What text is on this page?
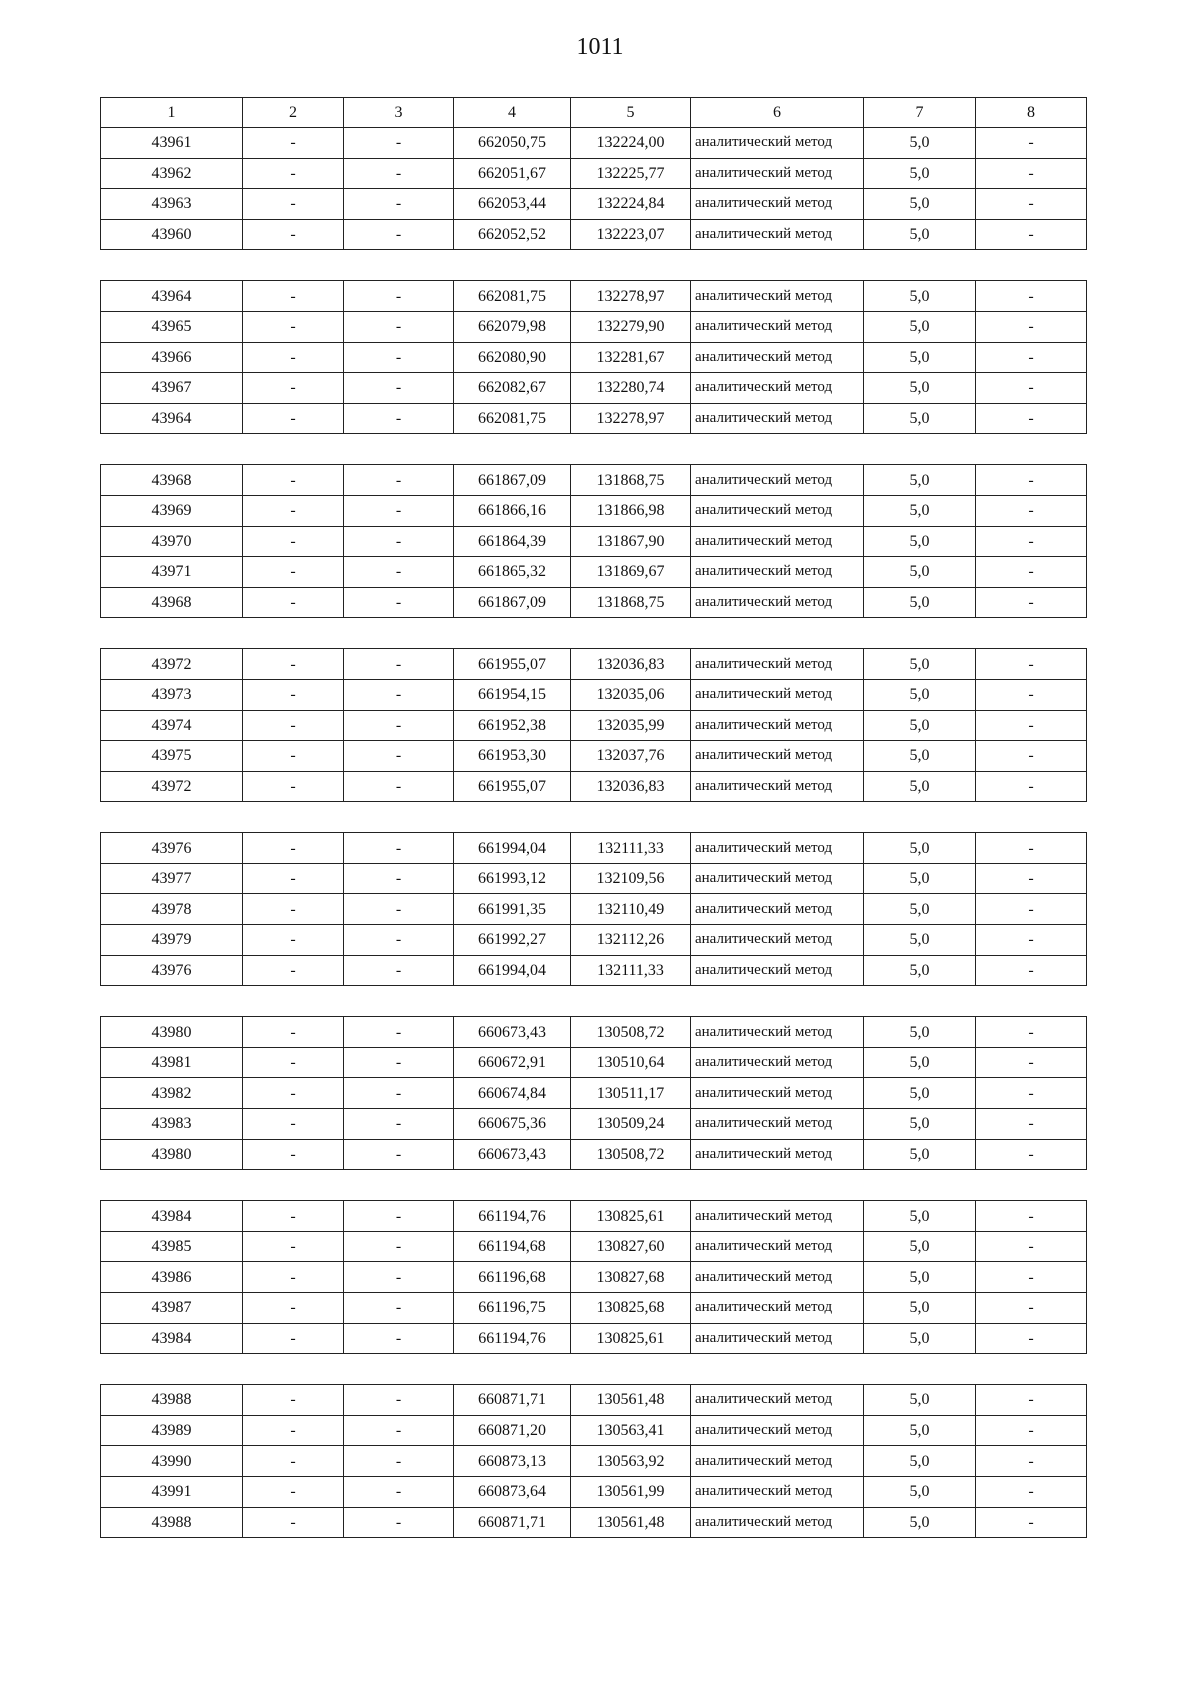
1011
1	2	3	4	5	6	7	8
43961	-	-	662050,75	132224,00	аналитический метод	5,0	-
43962	-	-	662051,67	132225,77	аналитический метод	5,0	-
43963	-	-	662053,44	132224,84	аналитический метод	5,0	-
43960	-	-	662052,52	132223,07	аналитический метод	5,0	-
43964	-	-	662081,75	132278,97	аналитический метод	5,0	-
43965	-	-	662079,98	132279,90	аналитический метод	5,0	-
43966	-	-	662080,90	132281,67	аналитический метод	5,0	-
43967	-	-	662082,67	132280,74	аналитический метод	5,0	-
43964	-	-	662081,75	132278,97	аналитический метод	5,0	-
43968	-	-	661867,09	131868,75	аналитический метод	5,0	-
43969	-	-	661866,16	131866,98	аналитический метод	5,0	-
43970	-	-	661864,39	131867,90	аналитический метод	5,0	-
43971	-	-	661865,32	131869,67	аналитический метод	5,0	-
43968	-	-	661867,09	131868,75	аналитический метод	5,0	-
43972	-	-	661955,07	132036,83	аналитический метод	5,0	-
43973	-	-	661954,15	132035,06	аналитический метод	5,0	-
43974	-	-	661952,38	132035,99	аналитический метод	5,0	-
43975	-	-	661953,30	132037,76	аналитический метод	5,0	-
43972	-	-	661955,07	132036,83	аналитический метод	5,0	-
43976	-	-	661994,04	132111,33	аналитический метод	5,0	-
43977	-	-	661993,12	132109,56	аналитический метод	5,0	-
43978	-	-	661991,35	132110,49	аналитический метод	5,0	-
43979	-	-	661992,27	132112,26	аналитический метод	5,0	-
43976	-	-	661994,04	132111,33	аналитический метод	5,0	-
43980	-	-	660673,43	130508,72	аналитический метод	5,0	-
43981	-	-	660672,91	130510,64	аналитический метод	5,0	-
43982	-	-	660674,84	130511,17	аналитический метод	5,0	-
43983	-	-	660675,36	130509,24	аналитический метод	5,0	-
43980	-	-	660673,43	130508,72	аналитический метод	5,0	-
43984	-	-	661194,76	130825,61	аналитический метод	5,0	-
43985	-	-	661194,68	130827,60	аналитический метод	5,0	-
43986	-	-	661196,68	130827,68	аналитический метод	5,0	-
43987	-	-	661196,75	130825,68	аналитический метод	5,0	-
43984	-	-	661194,76	130825,61	аналитический метод	5,0	-
43988	-	-	660871,71	130561,48	аналитический метод	5,0	-
43989	-	-	660871,20	130563,41	аналитический метод	5,0	-
43990	-	-	660873,13	130563,92	аналитический метод	5,0	-
43991	-	-	660873,64	130561,99	аналитический метод	5,0	-
43988	-	-	660871,71	130561,48	аналитический метод	5,0	-
